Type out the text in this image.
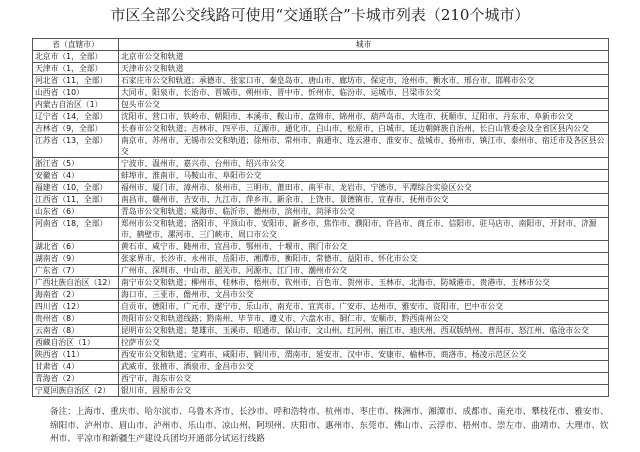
市区全部公交线路可使用“交通联合”卡城市列表（210个城市）
省（直辖市）	城市
北京市（1，全部）	北京市公交和轨道
天津市（1，全部）	天津市公交和轨道
河北省（11，全部）	石家庄市公交和轨道；承德市、张家口市、秦皇岛市、唐山市、廊坊市、保定市、沧州市、衡水市、邢台市、邯郸市公交
山西省（10）	大同市、阳泉市、长治市、晋城市、朔州市、晋中市、忻州市、临汾市、运城市、吕梁市公交
内蒙古自治区（1）	包头市公交
辽宁省（14，全部）	沈阳市、营口市、铁岭市、朝阳市、本溪市、鞍山市、盘锦市、锦州市、葫芦岛市、大连市、抚顺市、辽阳市、丹东市、阜新市公交
吉林省（9，全部）	长春市公交和轨道；吉林市、四平市、辽源市、通化市、白山市、松原市、白城市、延边朝鲜族自治州、长白山管委会及全省区县内公交
江苏省（13，全部）	南京市、苏州市、无锡市公交和轨道；徐州市、常州市、南通市、连云港市、淮安市、盐城市、扬州市、镇江市、泰州市、宿迁市及各区县公交
浙江省（5）	宁波市、温州市、嘉兴市、台州市、绍兴市公交
安徽省（4）	蚌埠市、淮南市、马鞍山市、阜阳市公交
福建省（10，全部）	福州市、厦门市、漳州市、泉州市、三明市、莆田市、南平市、龙岩市、宁德市、平潭综合实验区公交
江西省（11，全部）	南昌市、赣州市、吉安市、九江市、萍乡市、新余市、上饶市、景德镇市、宜春市、抚州市公交
山东省（6）	青岛市公交和轨道；威海市、临沂市、德州市、滨州市、菏泽市公交
河南省（18，全部）	郑州市公交和轨道；洛阳市、平顶山市、安阳市、新乡市、焦作市、濮阳市、许昌市、商丘市、信阳市、驻马店市、南阳市、开封市、济源市、鹤壁市、漯河市、三门峡市、周口市公交
湖北省（6）	黄石市、咸宁市、随州市、宜昌市、鄂州市、十堰市、荆门市公交
湖南省（9）	张家界市、长沙市、永州市、岳阳市、湘潭市、衡阳市、常德市、益阳市、怀化市公交
广东省（7）	广州市、深圳市、中山市、韶关市、河源市、江门市、潮州市公交
广西壮族自治区（12）	南宁市公交和轨道；柳州市、桂林市、梧州市、钦州市、百色市、贺州市、玉林市、北海市、防城港市、贵港市、玉林市公交
海南省（2）	海口市、三亚市、儋州市、文昌市公交
四川省（12）	自贡市、德阳市、广元市、遂宁市、乐山市、南充市、宜宾市、广安市、达州市、雅安市、资阳市、巴中市公交
贵州省（8）	贵阳市公交和轨道线路；黔南州、毕节市、遵义市、六盘水市、铜仁市、安顺市、黔西南州公交
云南省（8）	昆明市公交和轨道；楚雄市、玉溪市、昭通市、保山市、文山州、红河州、丽江市、迪庆州、西双版纳州、普洱市、怒江州、临沧市公交
西藏自治区（1）	拉萨市公交
陕西省（11）	西安市公交和轨道；宝鸡市、咸阳市、铜川市、渭南市、延安市、汉中市、安康市、榆林市、商洛市、杨凌示范区公交
甘肃省（4）	武威市、张掖市、酒泉市、金昌市公交
青海省（2）	西宁市、海东市公交
宁夏回族自治区（2）	银川市、固原市公交
备注：上海市、重庆市、哈尔滨市、乌鲁木齐市、长沙市、呼和浩特市、杭州市、枣庄市、株洲市、湘潭市、成都市、南充市、攀枝花市、雅安市、绵阳市、泸州市、眉山市、泸州市、乐山市、凉山州、阿坝州、庆阳市、惠州市、东莞市、佛山市、云浮市、梧州市、崇左市、曲靖市、大理市、钦州市、平凉市和新疆生产建设兵团均开通部分试运行线路
